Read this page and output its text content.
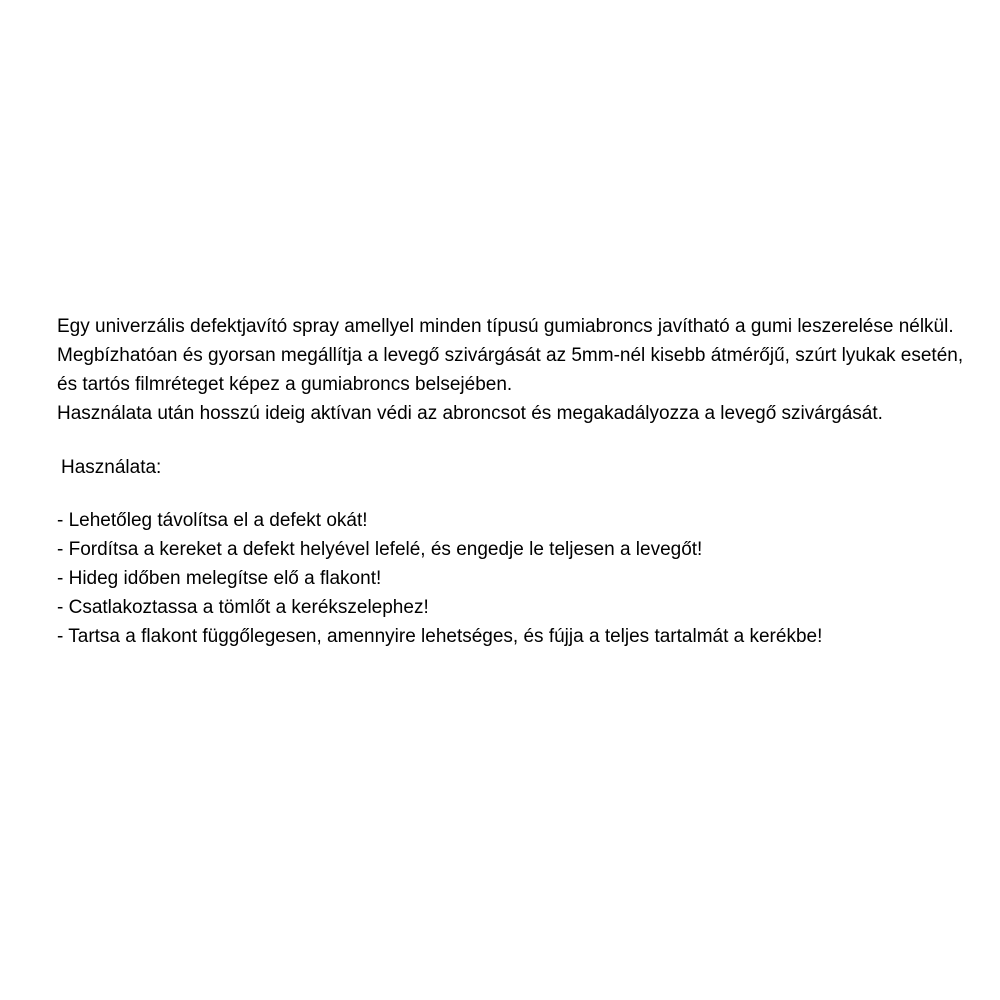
Egy univerzális defektjavító spray amellyel minden típusú gumiabroncs javítható a gumi leszerelése nélkül.

Megbízhatóan és gyorsan megállítja a levegő szivárgását az 5mm-nél kisebb átmérőjű, szúrt lyukak esetén, és tartós filmréteget képez a gumiabroncs belsejében.

Használata után hosszú ideig aktívan védi az abroncsot és megakadályozza a levegő szivárgását.

Használata:
- Lehetőleg távolítsa el a defekt okát!
- Fordítsa a kereket a defekt helyével lefelé, és engedje le teljesen a levegőt!
- Hideg időben melegítse elő a flakont!
- Csatlakoztassa a tömlőt a kerékszelephez!
- Tartsa a flakont függőlegesen, amennyire lehetséges, és fújja a teljes tartalmát a kerékbe!
